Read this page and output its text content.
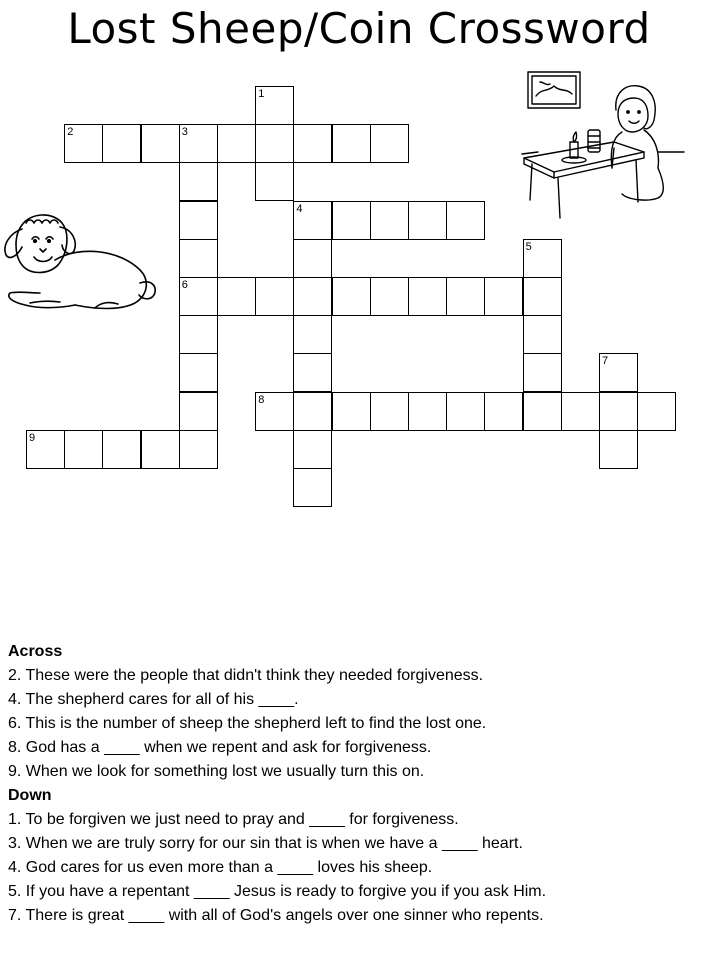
Lost Sheep/Coin Crossword
2	3
4
6
8
9
1
5
7
Across
2. These were the people that didn't think they needed forgiveness.
4. The shepherd cares for all of his ____.
6. This is the number of sheep the shepherd left to find the lost one.
8. God has a ____ when we repent and ask for forgiveness.
9. When we look for something lost we usually turn this on.
Down
1. To be forgiven we just need to pray and ____ for forgiveness.
3. When we are truly sorry for our sin that is when we have a ____ heart.
4. God cares for us even more than a ____ loves his sheep.
5. If you have a repentant ____ Jesus is ready to forgive you if you ask Him.
7. There is great ____ with all of God's angels over one sinner who repents.
